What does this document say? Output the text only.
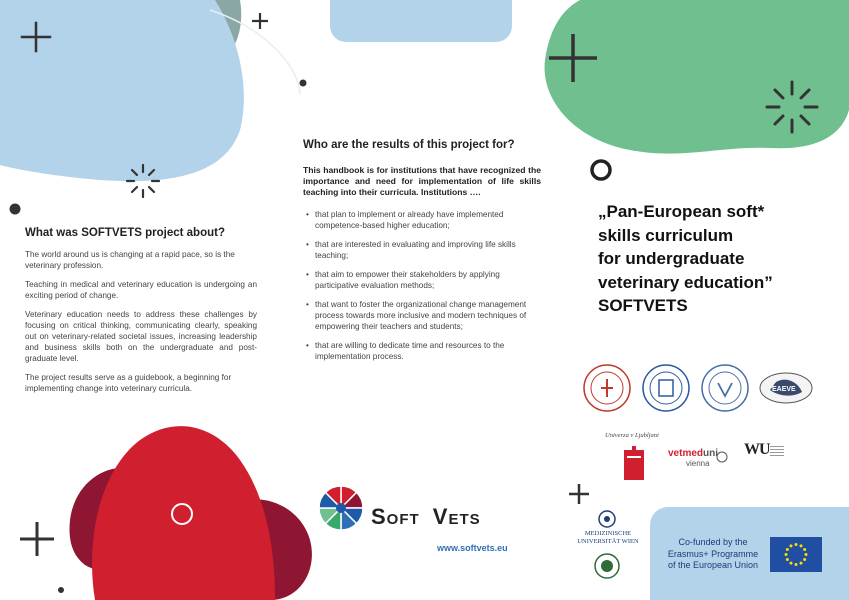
What was SOFTVETS project about?

The world around us is changing at a rapid pace, so is the veterinary profession.

Teaching in medical and veterinary education is undergoing an exciting period of change.

Veterinary education needs to address these challenges by focusing on critical thinking, communicating clearly, speaking out on veterinary-related societal issues, increasing leadership and business skills both on the undergraduate and post-graduate level.

The project results serve as a guidebook, a beginning for implementing change into veterinary curricula.

Who are the results of this project for?
This handbook is for institutions that have recognized the importance and need for implementation of life skills teaching into their curricula. Institutions ….
• that plan to implement or already have implemented competence-based higher education;
• that are interested in evaluating and improving life skills teaching;
• that aim to empower their stakeholders by applying participative evaluation methods;
• that want to foster the organizational change management process towards more inclusive and modern techniques of empowering their teachers and students;
• that are willing to dedicate time and resources to the implementation process.
„Pan-European soft*
skills curriculum
for undergraduate
veterinary education”
SOFTVETS
EAEVE
Univerza v Ljubljani
vetmeduni
vienna
WU
MEDIZINISCHE
UNIVERSITÄT WIEN	Co-funded by the
Erasmus+ Programme
of the European Union
Soft Vets
www.softvets.eu
